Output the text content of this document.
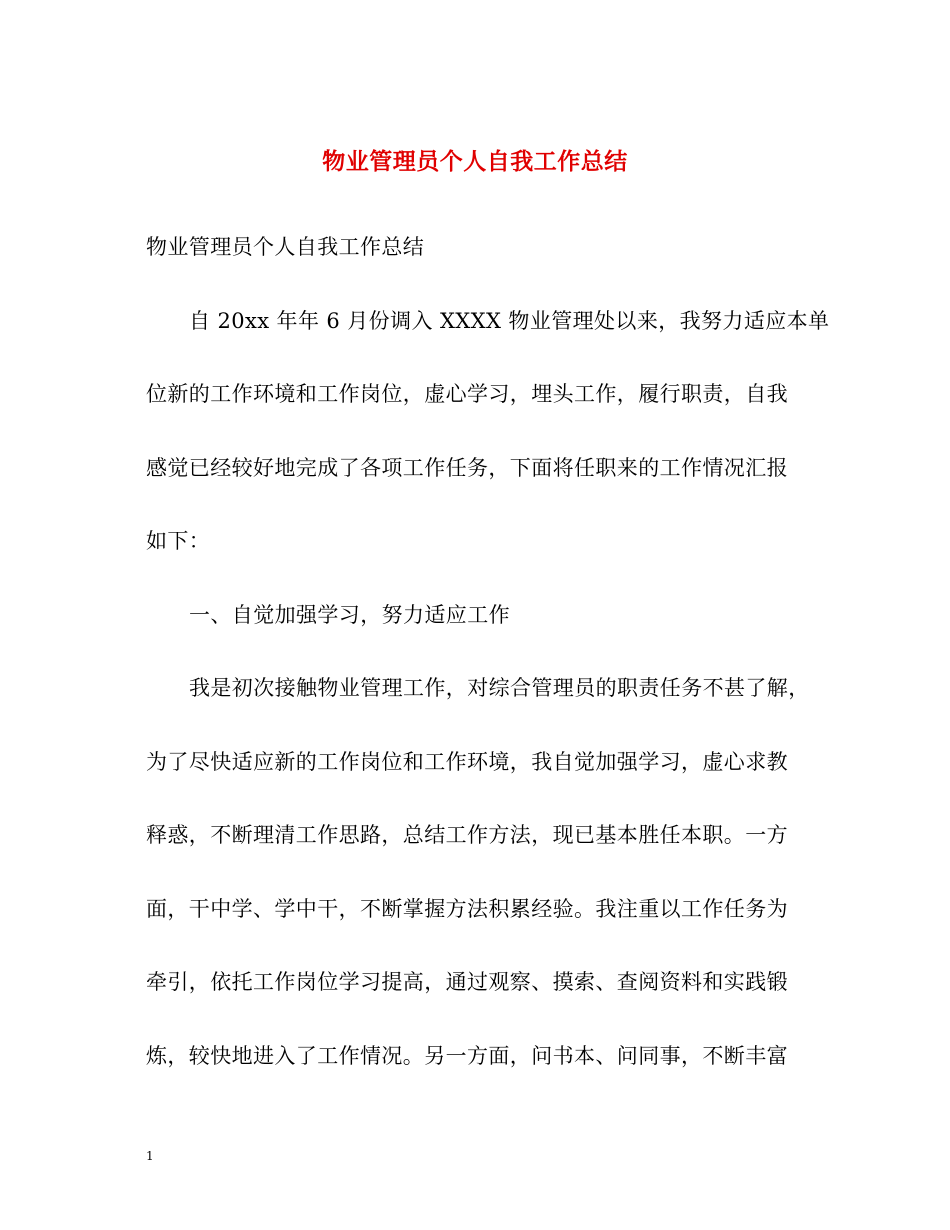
物业管理员个人自我工作总结
物业管理员个人自我工作总结
自 20xx 年年 6 月份调入 XXXX 物业管理处以来，我努力适应本单
位新的工作环境和工作岗位，虚心学习，埋头工作，履行职责，自我
感觉已经较好地完成了各项工作任务，下面将任职来的工作情况汇报
如下：
一、自觉加强学习，努力适应工作
我是初次接触物业管理工作，对综合管理员的职责任务不甚了解，
为了尽快适应新的工作岗位和工作环境，我自觉加强学习，虚心求教
释惑，不断理清工作思路，总结工作方法，现已基本胜任本职。一方
面，干中学、学中干，不断掌握方法积累经验。我注重以工作任务为
牵引，依托工作岗位学习提高，通过观察、摸索、查阅资料和实践锻
炼，较快地进入了工作情况。另一方面，问书本、问同事，不断丰富
1
